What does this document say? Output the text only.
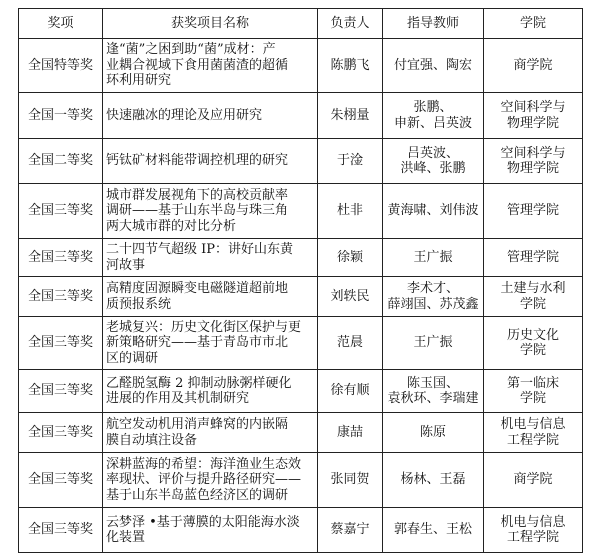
奖项	获奖项目名称	负责人	指导教师	学院
全国特等奖	逢“菌”之困到助“菌”成材：产
业耦合视域下食用菌菌渣的超循
环利用研究	陈鹏飞	付宜强、陶宏	商学院

全国一等奖	快速融冰的理论及应用研究	朱栩量	张鹏、
申新、吕英波	空间科学与
物理学院

全国二等奖	钙钛矿材料能带调控机理的研究	于淦	吕英波、
洪峰、张鹏	空间科学与
物理学院

全国三等奖	城市群发展视角下的高校贡献率
调研——基于山东半岛与珠三角
两大城市群的对比分析	杜非	黄海啸、刘伟波	管理学院

全国三等奖	二十四节气超级 IP：讲好山东黄
河故事	徐颖	王广振	管理学院

全国三等奖	高精度固源瞬变电磁隧道超前地
质预报系统	刘轶民	李术才、
薛翊国、苏茂鑫	土建与水利
学院

全国三等奖	老城复兴：历史文化街区保护与更
新策略研究——基于青岛市市北
区的调研	范晨	王广振	历史文化
学院

全国三等奖	乙醛脱氢酶 2 抑制动脉粥样硬化
进展的作用及其机制研究	徐有顺	陈玉国、
袁秋环、李瑞建	第一临床
学院

全国三等奖	航空发动机用消声蜂窝的内嵌隔
膜自动填注设备	康喆	陈原	机电与信息
工程学院

全国三等奖	深耕蓝海的希望：海洋渔业生态效
率现状、评价与提升路径研究——
基于山东半岛蓝色经济区的调研	张同贺	杨林、王磊	商学院

全国三等奖	云梦泽 •基于薄膜的太阳能海水淡
化装置	蔡嘉宁	郭春生、王松	机电与信息
工程学院
